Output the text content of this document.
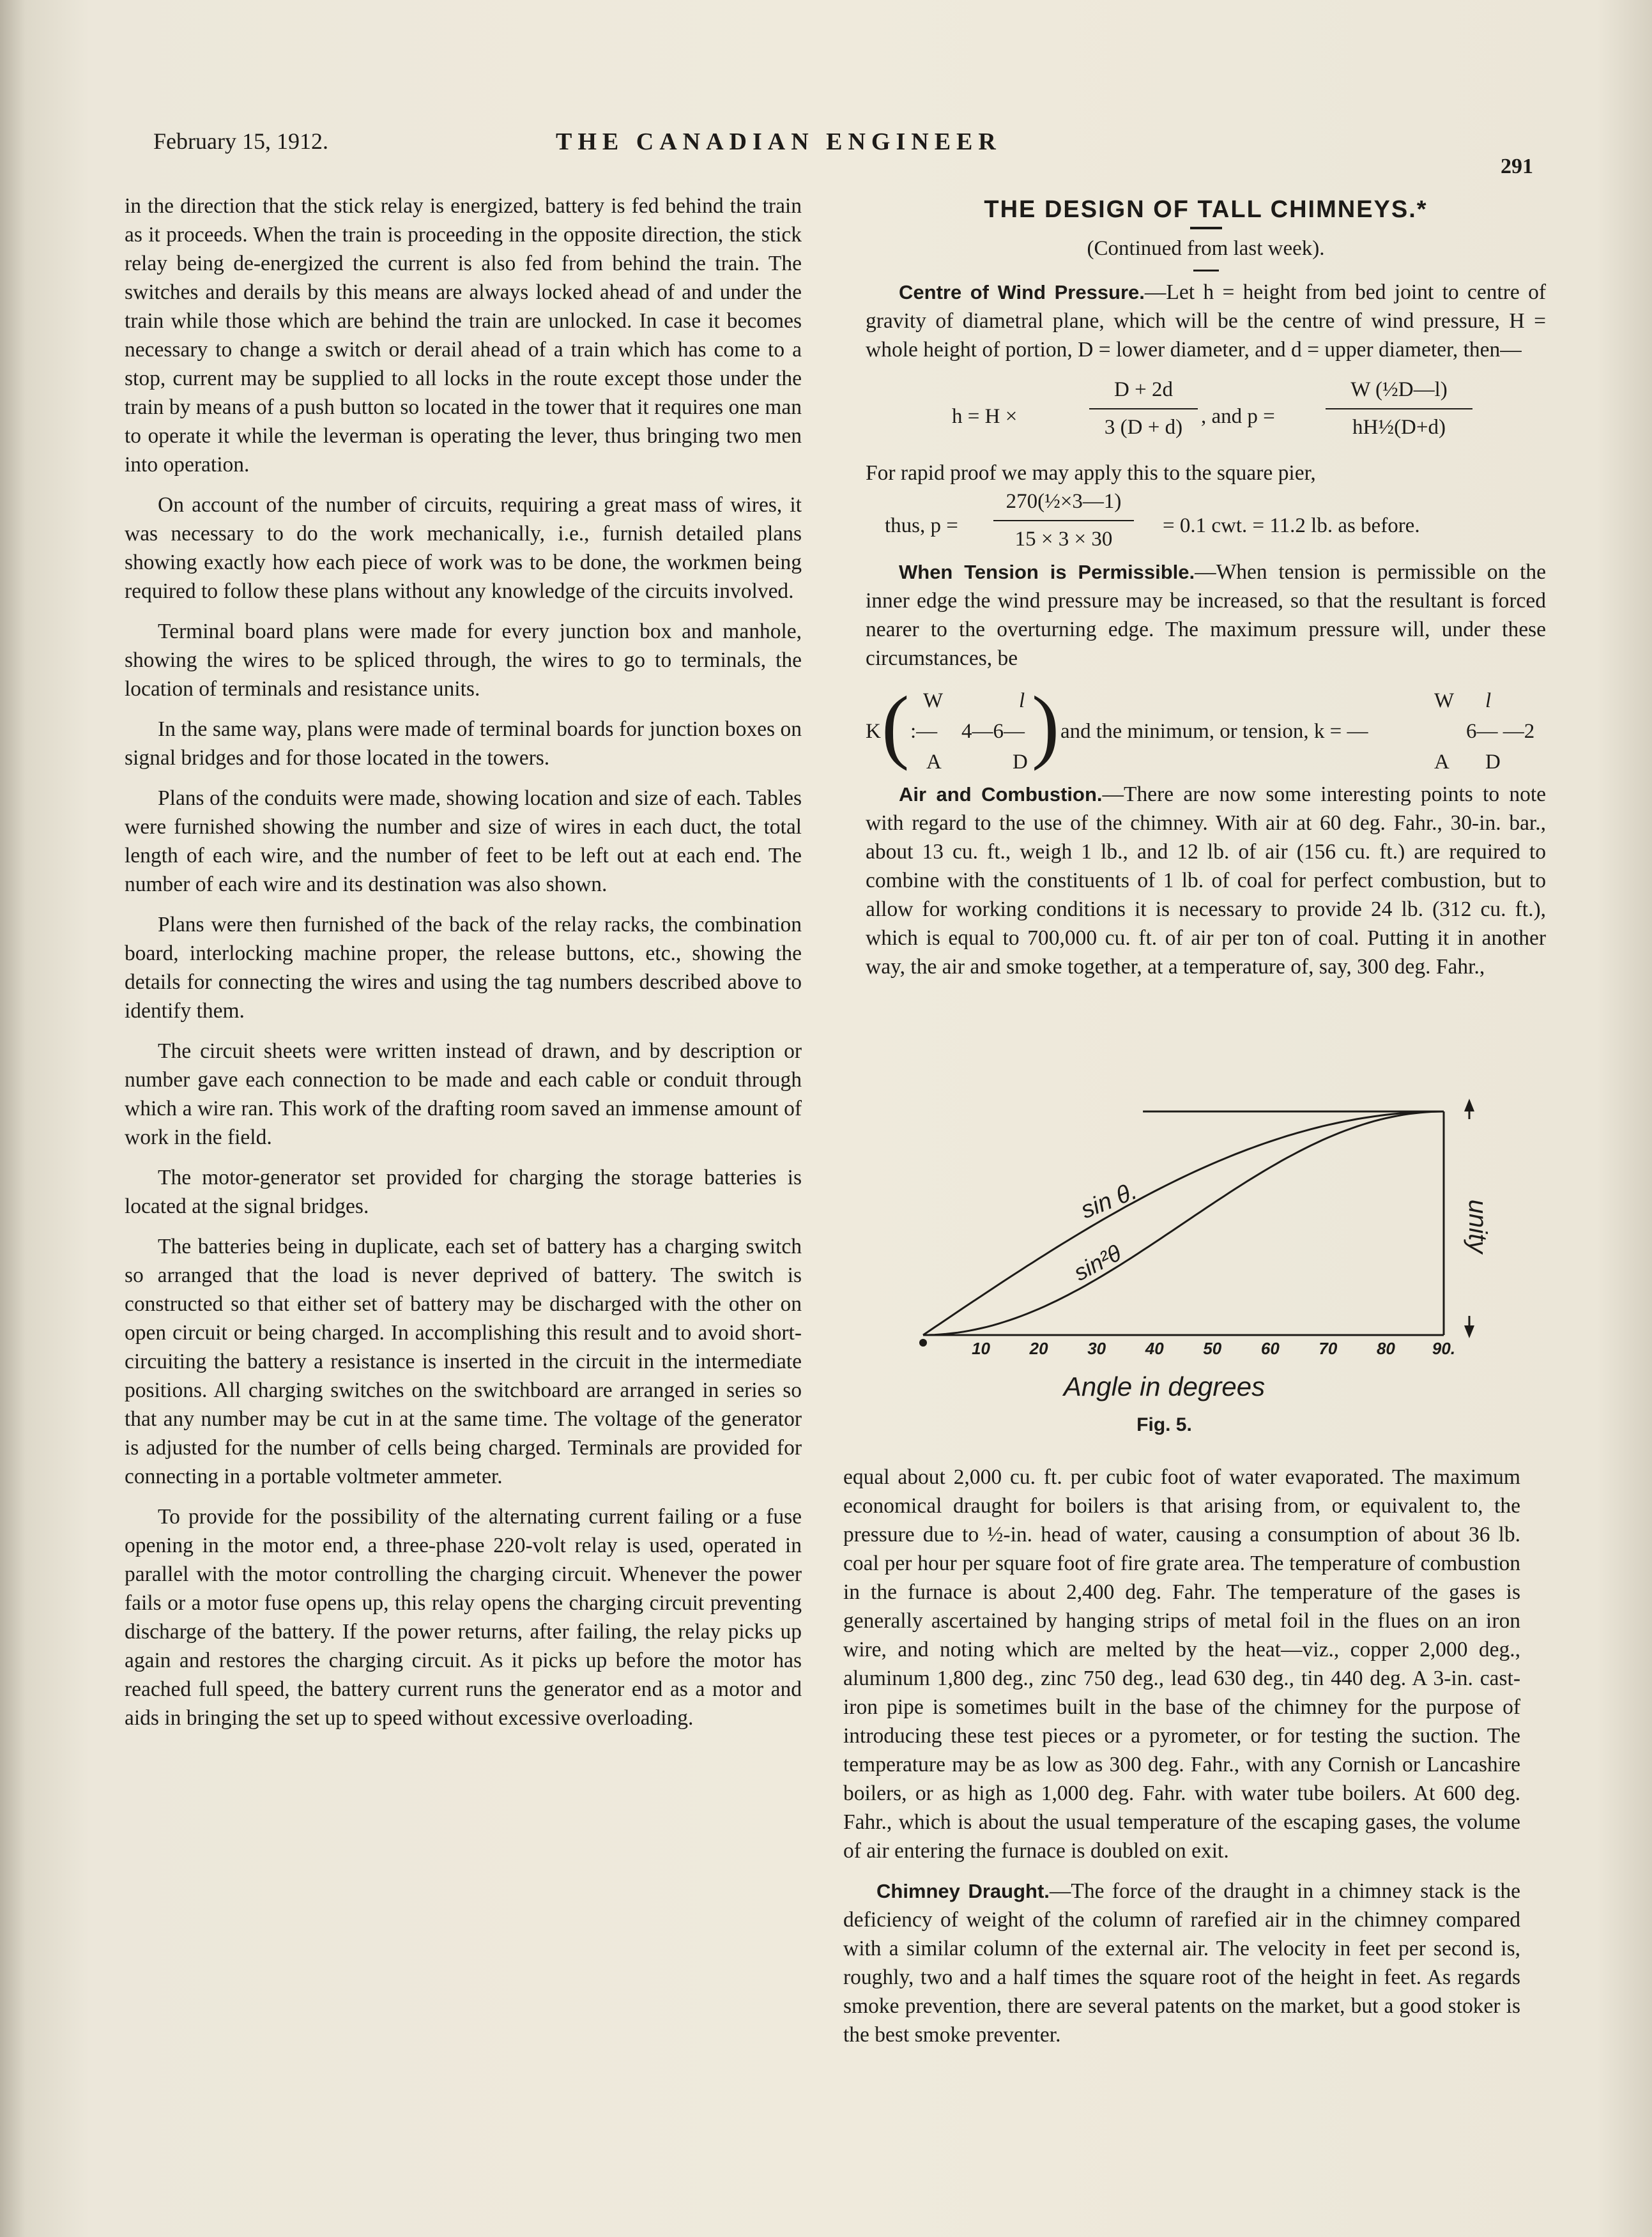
February 15, 1912.	THE CANADIAN ENGINEER
291

in the direction that the stick relay is energized, battery is fed behind the train as it proceeds. When the train is proceeding in the opposite direction, the stick relay being de-energized the current is also fed from behind the train. The switches and derails by this means are always locked ahead of and under the train while those which are behind the train are unlocked. In case it becomes necessary to change a switch or derail ahead of a train which has come to a stop, current may be supplied to all locks in the route except those under the train by means of a push button so located in the tower that it requires one man to operate it while the leverman is operating the lever, thus bringing two men into operation.

On account of the number of circuits, requiring a great mass of wires, it was necessary to do the work mechanically, i.e., furnish detailed plans showing exactly how each piece of work was to be done, the workmen being required to follow these plans without any knowledge of the circuits involved.

Terminal board plans were made for every junction box and manhole, showing the wires to be spliced through, the wires to go to terminals, the location of terminals and resistance units.

In the same way, plans were made of terminal boards for junction boxes on signal bridges and for those located in the towers.

Plans of the conduits were made, showing location and size of each. Tables were furnished showing the number and size of wires in each duct, the total length of each wire, and the number of feet to be left out at each end. The number of each wire and its destination was also shown.

Plans were then furnished of the back of the relay racks, the combination board, interlocking machine proper, the release buttons, etc., showing the details for connecting the wires and using the tag numbers described above to identify them.

The circuit sheets were written instead of drawn, and by description or number gave each connection to be made and each cable or conduit through which a wire ran. This work of the drafting room saved an immense amount of work in the field.

The motor-generator set provided for charging the storage batteries is located at the signal bridges.

The batteries being in duplicate, each set of battery has a charging switch so arranged that the load is never deprived of battery. The switch is constructed so that either set of battery may be discharged with the other on open circuit or being charged. In accomplishing this result and to avoid short-circuiting the battery a resistance is inserted in the circuit in the intermediate positions. All charging switches on the switchboard are arranged in series so that any number may be cut in at the same time. The voltage of the generator is adjusted for the number of cells being charged. Terminals are provided for connecting in a portable voltmeter ammeter.

To provide for the possibility of the alternating current failing or a fuse opening in the motor end, a three-phase 220-volt relay is used, operated in parallel with the motor controlling the charging circuit. Whenever the power fails or a motor fuse opens up, this relay opens the charging circuit preventing discharge of the battery. If the power returns, after failing, the relay picks up again and restores the charging circuit. As it picks up before the motor has reached full speed, the battery current runs the generator end as a motor and aids in bringing the set up to speed without excessive overloading.

THE DESIGN OF TALL CHIMNEYS.*
(Continued from last week).

Centre of Wind Pressure.—Let h = height from bed joint to centre of gravity of diametral plane, which will be the centre of wind pressure, H = whole height of portion, D = lower diameter, and d = upper diameter, then—

h = H ×
D + 2d
3 (D + d) , and p =
W (½D—l)
hH½(D+d)

For rapid proof we may apply this to the square pier,

thus, p =
270(½×3—1)
15 × 3 × 30
= 0.1 cwt. = 11.2 lb. as before.

When Tension is Permissible.—When tension is permissible on the inner edge the wind pressure may be increased, so that the resultant is forced nearer to the overturning edge. The maximum pressure will, under these circumstances, be

K ( W	l
:— 4—6—
A	D ) and the minimum, or tension, k = —
W l
6— —2
A D

Air and Combustion.—There are now some interesting points to note with regard to the use of the chimney. With air at 60 deg. Fahr., 30-in. bar., about 13 cu. ft., weigh 1 lb., and 12 lb. of air (156 cu. ft.) are required to combine with the constituents of 1 lb. of coal for perfect combustion, but to allow for working conditions it is necessary to provide 24 lb. (312 cu. ft.), which is equal to 700,000 cu. ft. of air per ton of coal. Putting it in another way, the air and smoke together, at a temperature of, say, 300 deg. Fahr.,

sin θ.
sin²θ
10 20 30 40 50 60 70 80 90.
Angle in degrees
unity
Fig. 5.

equal about 2,000 cu. ft. per cubic foot of water evaporated. The maximum economical draught for boilers is that arising from, or equivalent to, the pressure due to ½-in. head of water, causing a consumption of about 36 lb. coal per hour per square foot of fire grate area. The temperature of combustion in the furnace is about 2,400 deg. Fahr. The temperature of the gases is generally ascertained by hanging strips of metal foil in the flues on an iron wire, and noting which are melted by the heat—viz., copper 2,000 deg., aluminum 1,800 deg., zinc 750 deg., lead 630 deg., tin 440 deg. A 3-in. cast-iron pipe is sometimes built in the base of the chimney for the purpose of introducing these test pieces or a pyrometer, or for testing the suction. The temperature may be as low as 300 deg. Fahr., with any Cornish or Lancashire boilers, or as high as 1,000 deg. Fahr. with water tube boilers. At 600 deg. Fahr., which is about the usual temperature of the escaping gases, the volume of air entering the furnace is doubled on exit.

Chimney Draught.—The force of the draught in a chimney stack is the deficiency of weight of the column of rarefied air in the chimney compared with a similar column of the external air. The velocity in feet per second is, roughly, two and a half times the square root of the height in feet. As regards smoke prevention, there are several patents on the market, but a good stoker is the best smoke preventer.
